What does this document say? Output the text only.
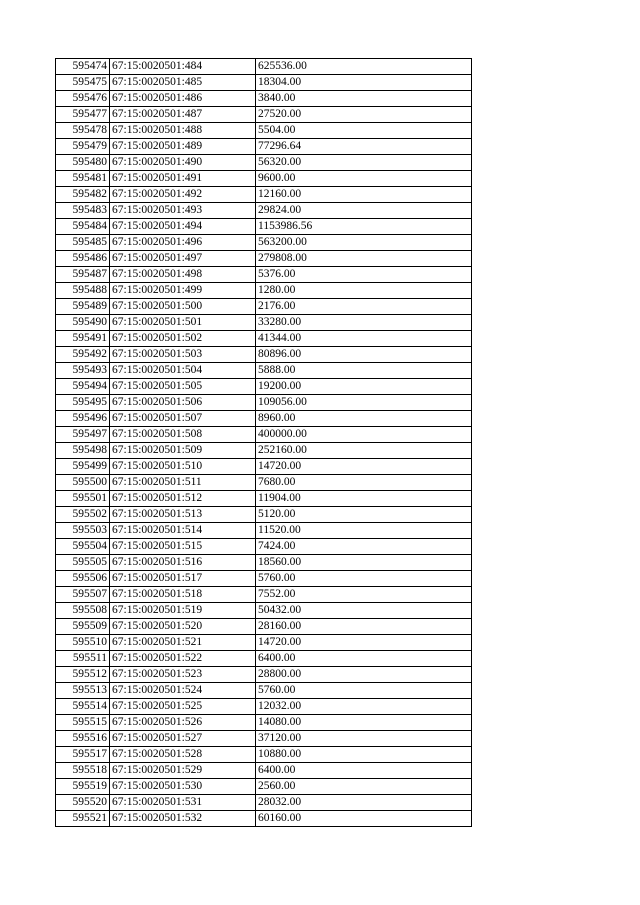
595474	67:15:0020501:484	625536.00
595475	67:15:0020501:485	18304.00
595476	67:15:0020501:486	3840.00
595477	67:15:0020501:487	27520.00
595478	67:15:0020501:488	5504.00
595479	67:15:0020501:489	77296.64
595480	67:15:0020501:490	56320.00
595481	67:15:0020501:491	9600.00
595482	67:15:0020501:492	12160.00
595483	67:15:0020501:493	29824.00
595484	67:15:0020501:494	1153986.56
595485	67:15:0020501:496	563200.00
595486	67:15:0020501:497	279808.00
595487	67:15:0020501:498	5376.00
595488	67:15:0020501:499	1280.00
595489	67:15:0020501:500	2176.00
595490	67:15:0020501:501	33280.00
595491	67:15:0020501:502	41344.00
595492	67:15:0020501:503	80896.00
595493	67:15:0020501:504	5888.00
595494	67:15:0020501:505	19200.00
595495	67:15:0020501:506	109056.00
595496	67:15:0020501:507	8960.00
595497	67:15:0020501:508	400000.00
595498	67:15:0020501:509	252160.00
595499	67:15:0020501:510	14720.00
595500	67:15:0020501:511	7680.00
595501	67:15:0020501:512	11904.00
595502	67:15:0020501:513	5120.00
595503	67:15:0020501:514	11520.00
595504	67:15:0020501:515	7424.00
595505	67:15:0020501:516	18560.00
595506	67:15:0020501:517	5760.00
595507	67:15:0020501:518	7552.00
595508	67:15:0020501:519	50432.00
595509	67:15:0020501:520	28160.00
595510	67:15:0020501:521	14720.00
595511	67:15:0020501:522	6400.00
595512	67:15:0020501:523	28800.00
595513	67:15:0020501:524	5760.00
595514	67:15:0020501:525	12032.00
595515	67:15:0020501:526	14080.00
595516	67:15:0020501:527	37120.00
595517	67:15:0020501:528	10880.00
595518	67:15:0020501:529	6400.00
595519	67:15:0020501:530	2560.00
595520	67:15:0020501:531	28032.00
595521	67:15:0020501:532	60160.00
